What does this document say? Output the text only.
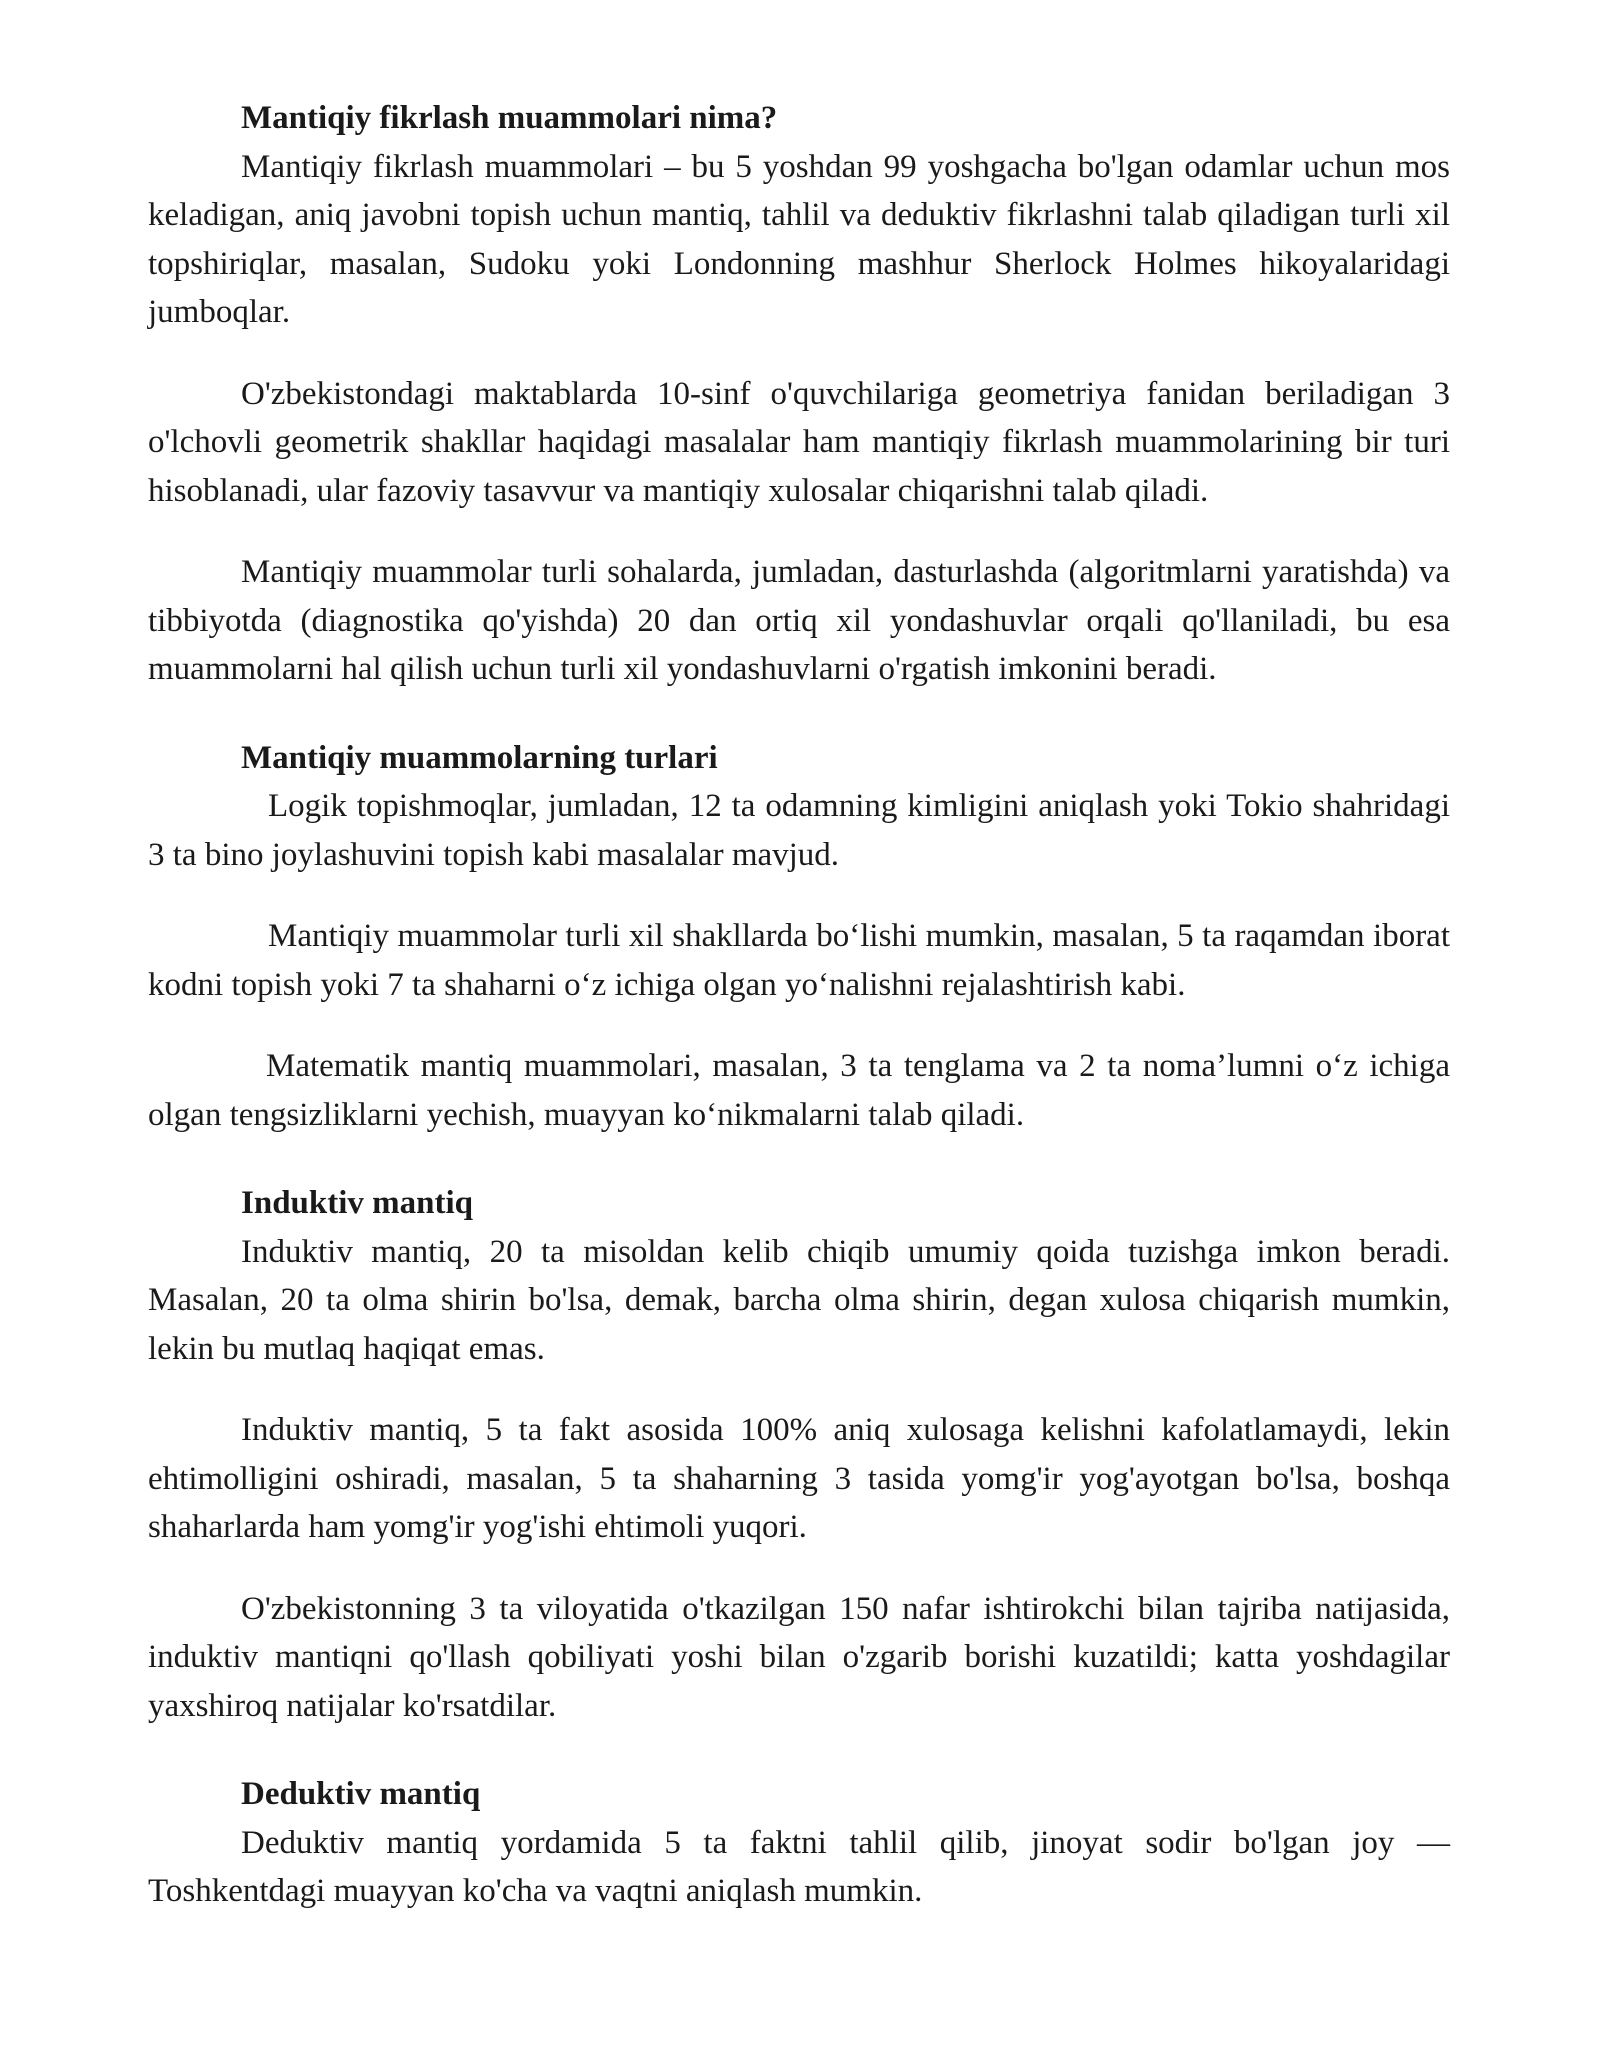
Mantiqiy fikrlash muammolari nima?

Mantiqiy fikrlash muammolari – bu 5 yoshdan 99 yoshgacha bo'lgan odamlar uchun mos keladigan, aniq javobni topish uchun mantiq, tahlil va deduktiv fikrlashni talab qiladigan turli xil topshiriqlar, masalan, Sudoku yoki Londonning mashhur Sherlock Holmes hikoyalaridagi jumboqlar.

O'zbekistondagi maktablarda 10-sinf o'quvchilariga geometriya fanidan beriladigan 3 o'lchovli geometrik shakllar haqidagi masalalar ham mantiqiy fikrlash muammolarining bir turi hisoblanadi, ular fazoviy tasavvur va mantiqiy xulosalar chiqarishni talab qiladi.

Mantiqiy muammolar turli sohalarda, jumladan, dasturlashda (algoritmlarni yaratishda) va tibbiyotda (diagnostika qo'yishda) 20 dan ortiq xil yondashuvlar orqali qo'llaniladi, bu esa muammolarni hal qilish uchun turli xil yondashuvlarni o'rgatish imkonini beradi.

Mantiqiy muammolarning turlari

Logik topishmoqlar, jumladan, 12 ta odamning kimligini aniqlash yoki Tokio shahridagi 3 ta bino joylashuvini topish kabi masalalar mavjud.

Mantiqiy muammolar turli xil shakllarda bo‘lishi mumkin, masalan, 5 ta raqamdan iborat kodni topish yoki 7 ta shaharni o‘z ichiga olgan yo‘nalishni rejalashtirish kabi.

Matematik mantiq muammolari, masalan, 3 ta tenglama va 2 ta noma’lumni o‘z ichiga olgan tengsizliklarni yechish, muayyan ko‘nikmalarni talab qiladi.

Induktiv mantiq

Induktiv mantiq, 20 ta misoldan kelib chiqib umumiy qoida tuzishga imkon beradi. Masalan, 20 ta olma shirin bo'lsa, demak, barcha olma shirin, degan xulosa chiqarish mumkin, lekin bu mutlaq haqiqat emas.

Induktiv mantiq, 5 ta fakt asosida 100% aniq xulosaga kelishni kafolatlamaydi, lekin ehtimolligini oshiradi, masalan, 5 ta shaharning 3 tasida yomg'ir yog'ayotgan bo'lsa, boshqa shaharlarda ham yomg'ir yog'ishi ehtimoli yuqori.

O'zbekistonning 3 ta viloyatida o'tkazilgan 150 nafar ishtirokchi bilan tajriba natijasida, induktiv mantiqni qo'llash qobiliyati yoshi bilan o'zgarib borishi kuzatildi; katta yoshdagilar yaxshiroq natijalar ko'rsatdilar.

Deduktiv mantiq

Deduktiv mantiq yordamida 5 ta faktni tahlil qilib, jinoyat sodir bo'lgan joy — Toshkentdagi muayyan ko'cha va vaqtni aniqlash mumkin.
